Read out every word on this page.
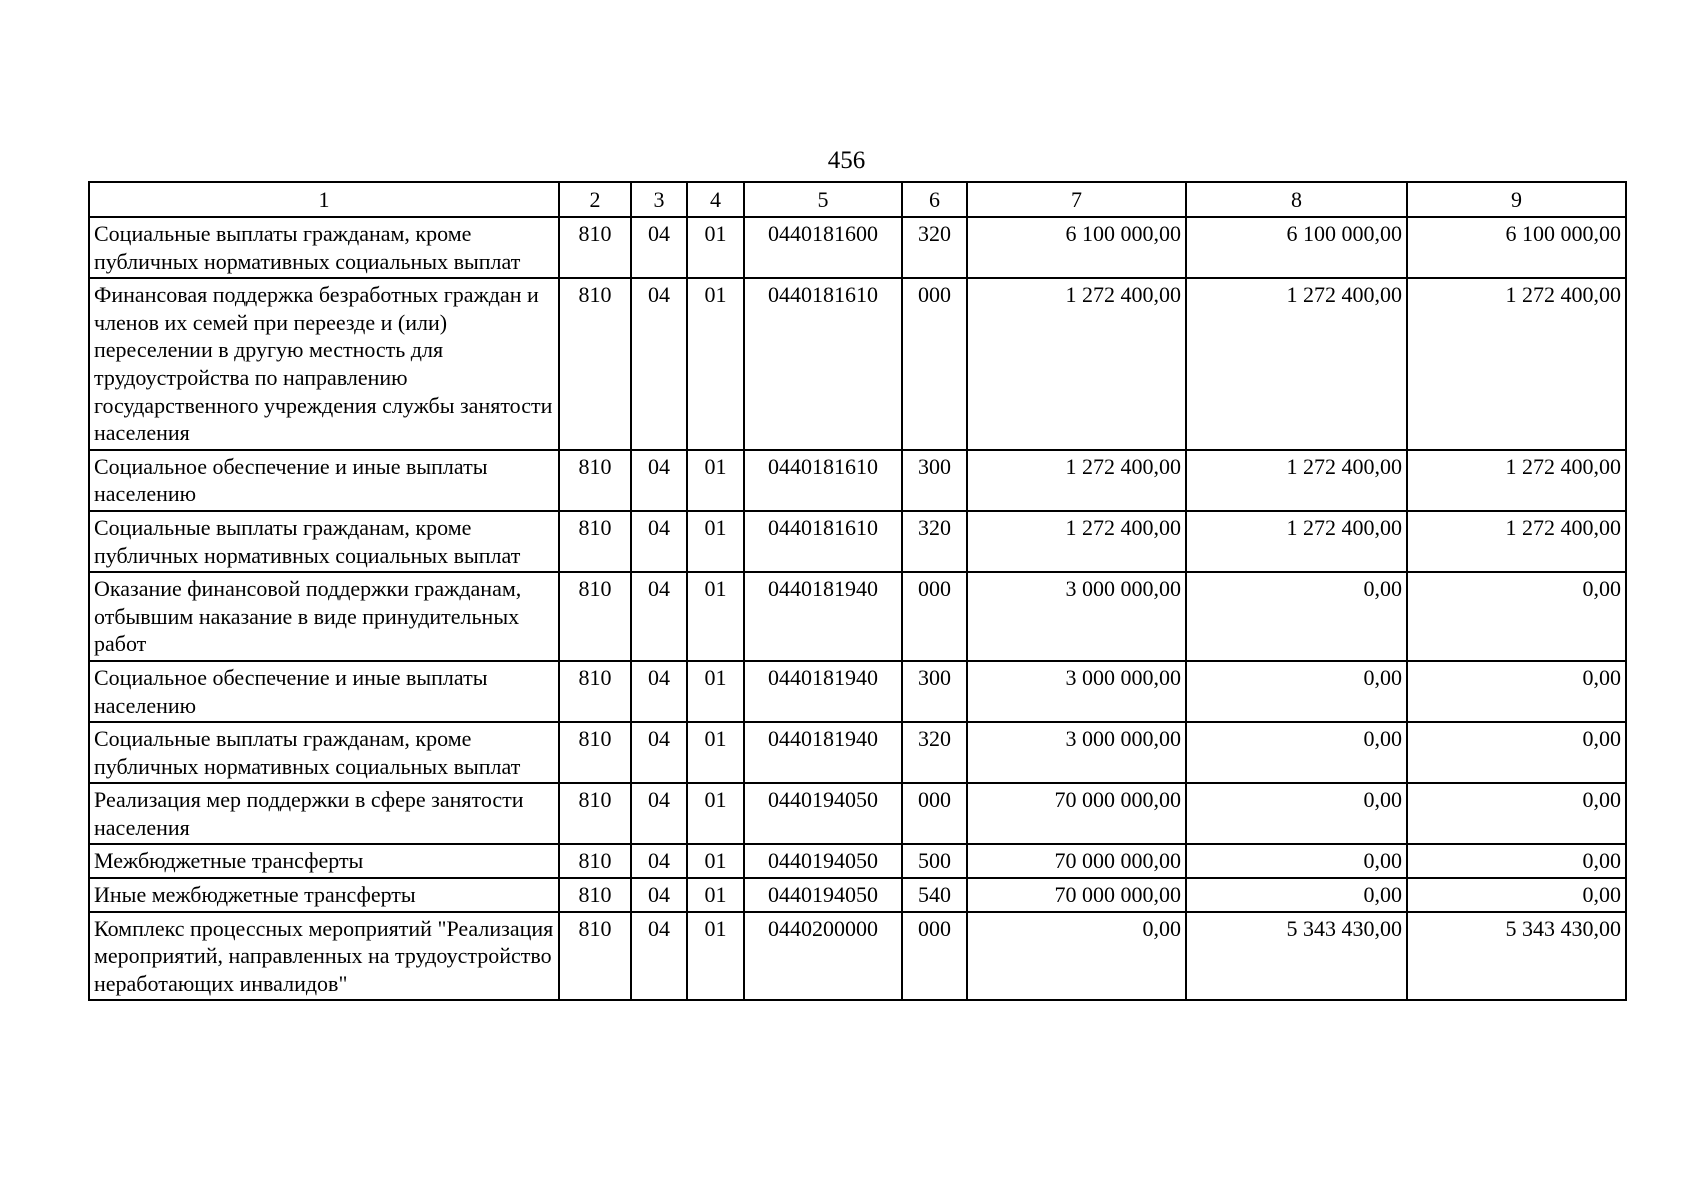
456
1	2	3	4	5	6	7	8	9
Социальные выплаты гражданам, кроме публичных нормативных социальных выплат	810	04	01	0440181600	320	6 100 000,00	6 100 000,00	6 100 000,00
Финансовая поддержка безработных граждан и членов их семей при переезде и (или) переселении в другую местность для трудоустройства по направлению государственного учреждения службы занятости населения	810	04	01	0440181610	000	1 272 400,00	1 272 400,00	1 272 400,00
Социальное обеспечение и иные выплаты населению	810	04	01	0440181610	300	1 272 400,00	1 272 400,00	1 272 400,00
Социальные выплаты гражданам, кроме публичных нормативных социальных выплат	810	04	01	0440181610	320	1 272 400,00	1 272 400,00	1 272 400,00
Оказание финансовой поддержки гражданам, отбывшим наказание в виде принудительных работ	810	04	01	0440181940	000	3 000 000,00	0,00	0,00
Социальное обеспечение и иные выплаты населению	810	04	01	0440181940	300	3 000 000,00	0,00	0,00
Социальные выплаты гражданам, кроме публичных нормативных социальных выплат	810	04	01	0440181940	320	3 000 000,00	0,00	0,00
Реализация мер поддержки в сфере занятости населения	810	04	01	0440194050	000	70 000 000,00	0,00	0,00
Межбюджетные трансферты	810	04	01	0440194050	500	70 000 000,00	0,00	0,00
Иные межбюджетные трансферты	810	04	01	0440194050	540	70 000 000,00	0,00	0,00
Комплекс процессных мероприятий "Реализация мероприятий, направленных на трудоустройство неработающих инвалидов"	810	04	01	0440200000	000	0,00	5 343 430,00	5 343 430,00
